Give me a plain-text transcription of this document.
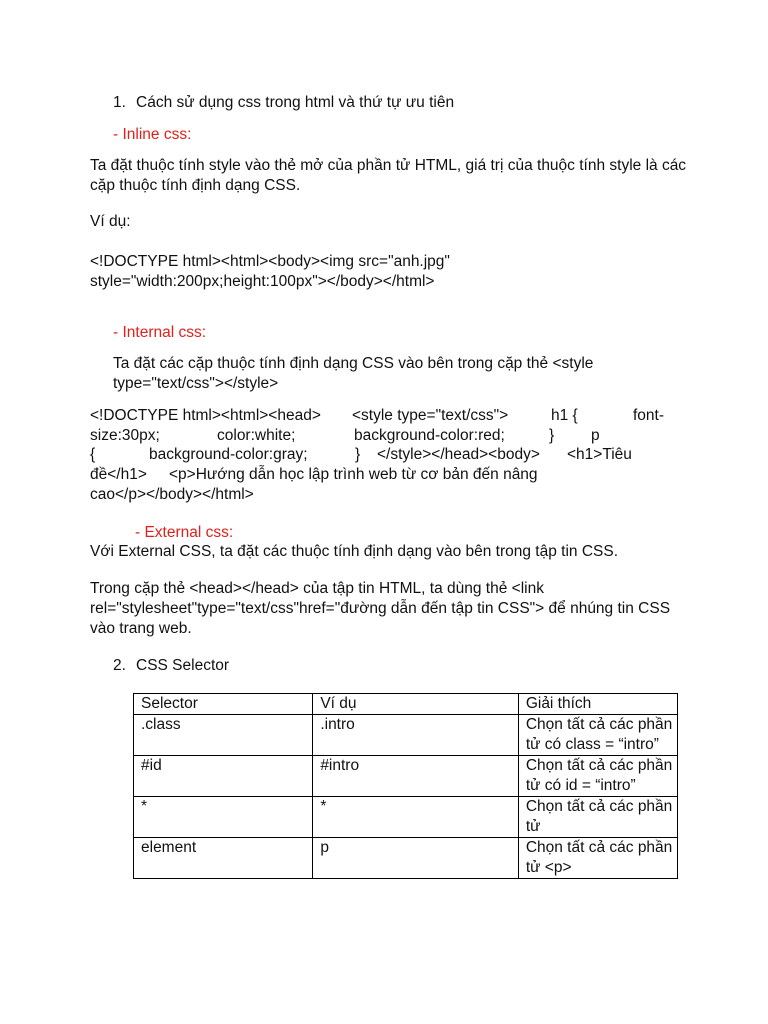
1. Cách sử dụng css trong html và thứ tự ưu tiên
- Inline css:

Ta đặt thuộc tính style vào thẻ mở của phần tử HTML, giá trị của thuộc tính style là các cặp thuộc tính định dạng CSS.

Ví dụ:
<!DOCTYPE html><html><body><img src="anh.jpg"
style="width:200px;height:100px"></body></html>
- Internal css:

Ta đặt các cặp thuộc tính định dạng CSS vào bên trong cặp thẻ <style type="text/css"></style>

<!DOCTYPE html><html><head> <style type="text/css">	h1 {	font-
size:30px;	color:white;	background-color:red;	} p
{	background-color:gray;	} </style></head><body> <h1>Tiêu
đề</h1> <p>Hướng dẫn học lập trình web từ cơ bản đến nâng
cao</p></body></html>
- External css:

Với External CSS, ta đặt các thuộc tính định dạng vào bên trong tập tin CSS.

Trong cặp thẻ <head></head> của tập tin HTML, ta dùng thẻ <link rel="stylesheet"type="text/css"href="đường dẫn đến tập tin CSS"> để nhúng tin CSS vào trang web.

2. CSS Selector
Selector	Ví dụ	Giải thích
.class	.intro	Chọn tất cả các phần tử có class = “intro”
#id	#intro	Chọn tất cả các phần tử có id = “intro”
*	*	Chọn tất cả các phần tử
element	p	Chọn tất cả các phần tử <p>
